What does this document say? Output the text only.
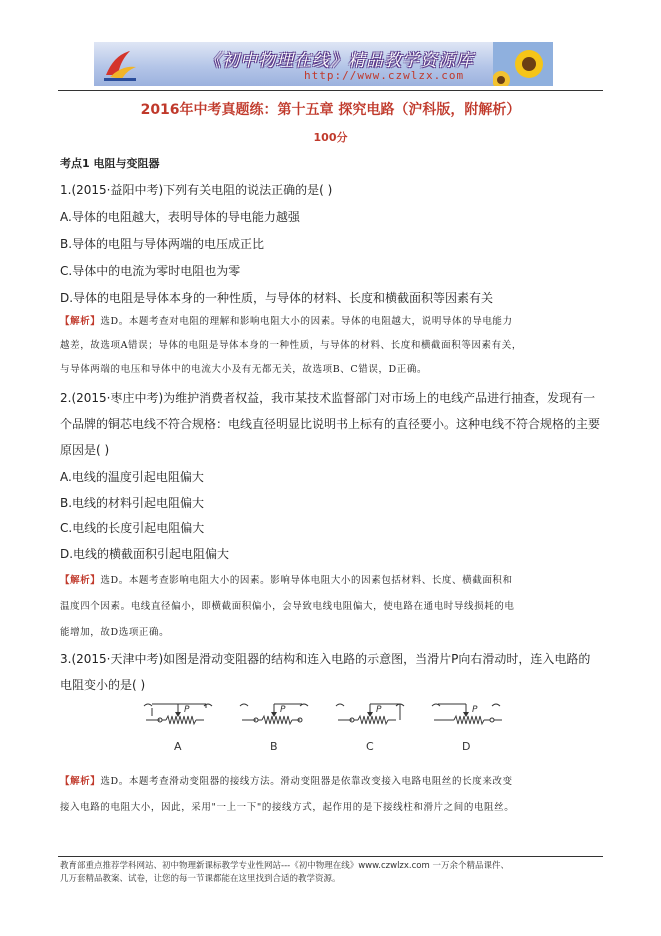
《初中物理在线》精品教学资源库
http://www.czwlzx.com
2016年中考真题练：第十五章 探究电路（沪科版，附解析）
100分
考点1 电阻与变阻器
1.(2015·益阳中考)下列有关电阻的说法正确的是( )
A.导体的电阻越大，表明导体的导电能力越强
B.导体的电阻与导体两端的电压成正比
C.导体中的电流为零时电阻也为零
D.导体的电阻是导体本身的一种性质，与导体的材料、长度和横截面积等因素有关
【解析】选D。本题考查对电阻的理解和影响电阻大小的因素。导体的电阻越大，说明导体的导电能力
越差，故选项A错误；导体的电阻是导体本身的一种性质，与导体的材料、长度和横截面积等因素有关，
与导体两端的电压和导体中的电流大小及有无都无关，故选项B、C错误，D正确。
2.(2015·枣庄中考)为维护消费者权益，我市某技术监督部门对市场上的电线产品进行抽查，发现有一
个品牌的铜芯电线不符合规格：电线直径明显比说明书上标有的直径要小。这种电线不符合规格的主要
原因是( )
A.电线的温度引起电阻偏大
B.电线的材料引起电阻偏大
C.电线的长度引起电阻偏大
D.电线的横截面积引起电阻偏大
【解析】选D。本题考查影响电阻大小的因素。影响导体电阻大小的因素包括材料、长度、横截面积和
温度四个因素。电线直径偏小，即横截面积偏小，会导致电线电阻偏大，使电路在通电时导线损耗的电
能增加，故D选项正确。
3.(2015·天津中考)如图是滑动变阻器的结构和连入电路的示意图，当滑片P向右滑动时，连入电路的
电阻变小的是( )
P
A
P
B
P
C
P
D
【解析】选D。本题考查滑动变阻器的接线方法。滑动变阻器是依靠改变接入电路电阻丝的长度来改变
接入电路的电阻大小，因此，采用"一上一下"的接线方式，起作用的是下接线柱和滑片之间的电阻丝。
教育部重点推荐学科网站、初中物理新课标教学专业性网站---《初中物理在线》www.czwlzx.com 一万余个精品课件、
几万套精品教案、试卷，让您的每一节课都能在这里找到合适的教学资源。
